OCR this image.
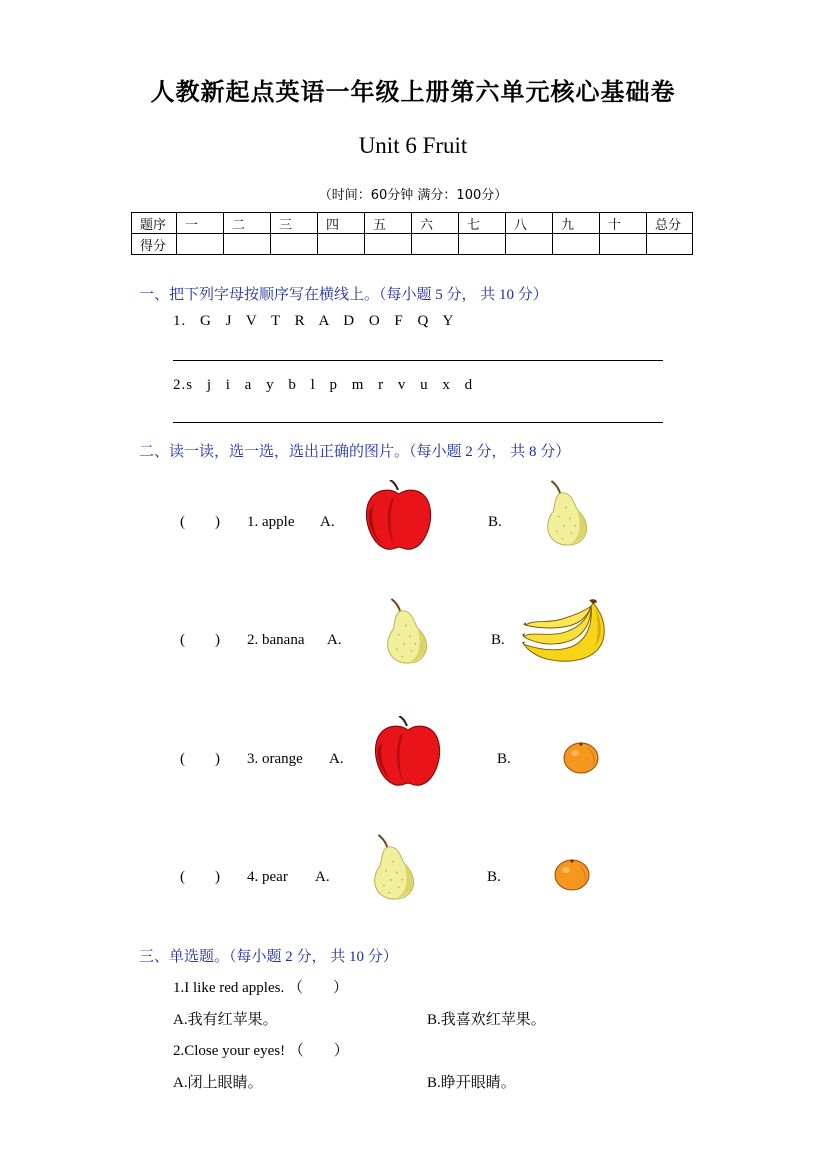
人教新起点英语一年级上册第六单元核心基础卷
Unit 6 Fruit
（时间：60分钟 满分：100分）
题序	一	二	三	四	五	六	七	八	九	十	总分
得分											
一、把下列字母按顺序写在横线上。（每小题 5 分， 共 10 分）
1. G J V T R A D O F Q Y
2.s j i a y b l p m r v u x d
二、读一读，选一选，选出正确的图片。（每小题 2 分， 共 8 分）
(        ) 1. apple A.	B.
(        ) 2. banana A.	B.
(        ) 3. orange A.	B.
(        ) 4. pear A.	B.
三、单选题。（每小题 2 分， 共 10 分）
1.I like red apples. （        ）
A.我有红苹果。	B.我喜欢红苹果。
2.Close your eyes! （        ）
A.闭上眼睛。	B.睁开眼睛。
